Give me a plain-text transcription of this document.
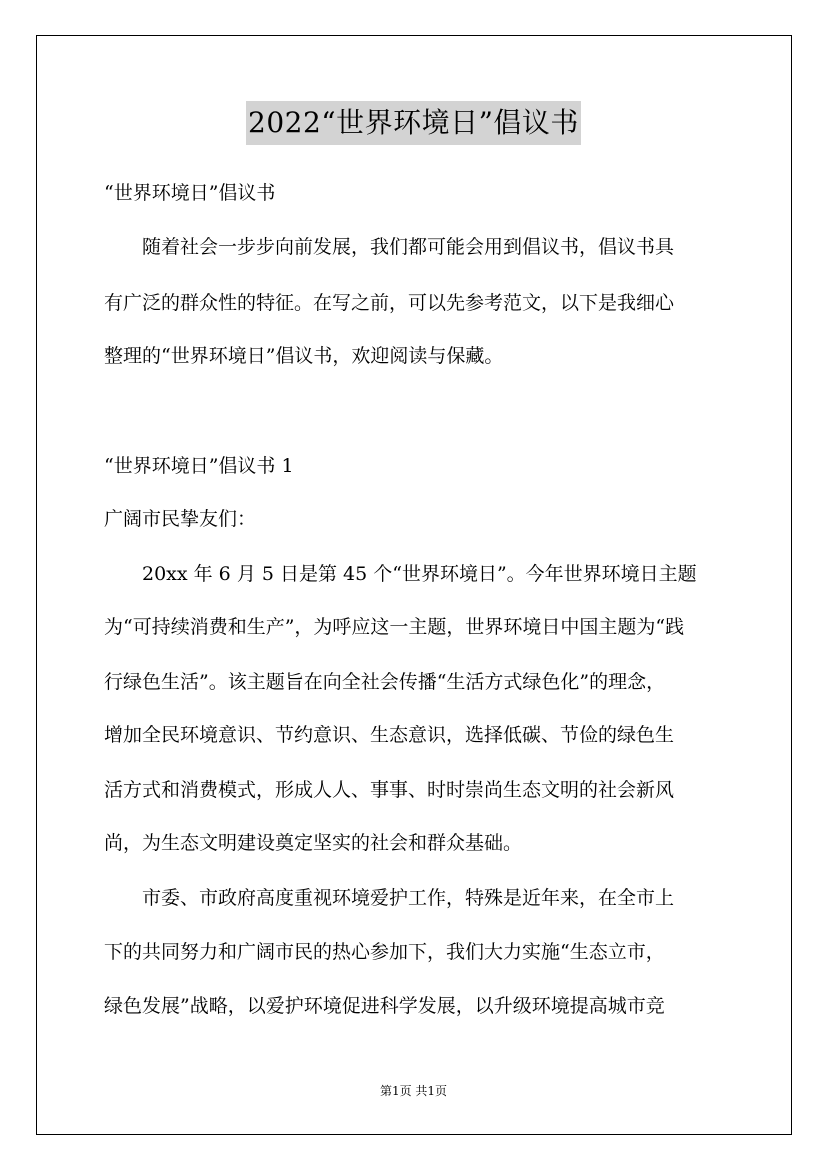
2022“世界环境日”倡议书
“世界环境日”倡议书
随着社会一步步向前发展，我们都可能会用到倡议书，倡议书具
有广泛的群众性的特征。在写之前，可以先参考范文，以下是我细心
整理的“世界环境日”倡议书，欢迎阅读与保藏。
“世界环境日”倡议书 1
广阔市民挚友们：
20xx 年 6 月 5 日是第 45 个“世界环境日”。今年世界环境日主题
为“可持续消费和生产”，为呼应这一主题，世界环境日中国主题为“践
行绿色生活”。该主题旨在向全社会传播“生活方式绿色化”的理念，
增加全民环境意识、节约意识、生态意识，选择低碳、节俭的绿色生
活方式和消费模式，形成人人、事事、时时崇尚生态文明的社会新风
尚，为生态文明建设奠定坚实的社会和群众基础。
市委、市政府高度重视环境爱护工作，特殊是近年来，在全市上
下的共同努力和广阔市民的热心参加下，我们大力实施“生态立市，
绿色发展”战略，以爱护环境促进科学发展，以升级环境提高城市竞
第1页 共1页
